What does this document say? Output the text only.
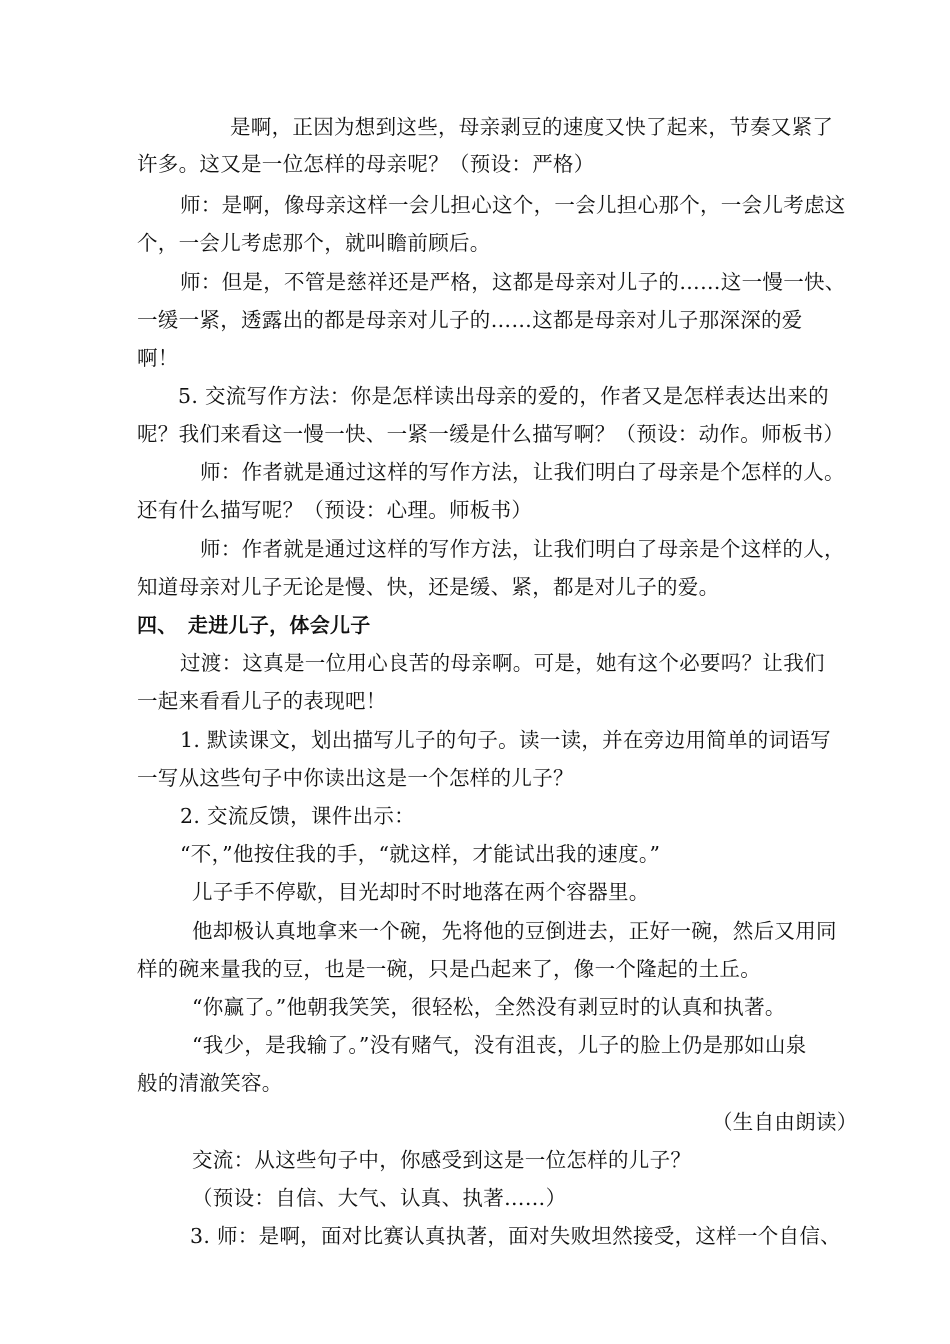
是啊，正因为想到这些，母亲剥豆的速度又快了起来，节奏又紧了
许多。这又是一位怎样的母亲呢？（预设：严格）
师：是啊，像母亲这样一会儿担心这个，一会儿担心那个，一会儿考虑这
个，一会儿考虑那个，就叫瞻前顾后。
师：但是，不管是慈祥还是严格，这都是母亲对儿子的……这一慢一快、
一缓一紧，透露出的都是母亲对儿子的……这都是母亲对儿子那深深的爱
啊！
5. 交流写作方法：你是怎样读出母亲的爱的，作者又是怎样表达出来的
呢？我们来看这一慢一快、一紧一缓是什么描写啊？（预设：动作。师板书）
师：作者就是通过这样的写作方法，让我们明白了母亲是个怎样的人。
还有什么描写呢？（预设：心理。师板书）
师：作者就是通过这样的写作方法，让我们明白了母亲是个这样的人，
知道母亲对儿子无论是慢、快，还是缓、紧，都是对儿子的爱。
四、　走进儿子，体会儿子
过渡：这真是一位用心良苦的母亲啊。可是，她有这个必要吗？让我们
一起来看看儿子的表现吧！
1. 默读课文，划出描写儿子的句子。读一读，并在旁边用简单的词语写
一写从这些句子中你读出这是一个怎样的儿子？
2. 交流反馈，课件出示：
“不，”他按住我的手，“就这样，才能试出我的速度。”
儿子手不停歇，目光却时不时地落在两个容器里。
他却极认真地拿来一个碗，先将他的豆倒进去，正好一碗，然后又用同
样的碗来量我的豆，也是一碗，只是凸起来了，像一个隆起的土丘。
“你赢了。”他朝我笑笑，很轻松，全然没有剥豆时的认真和执著。
“我少，是我输了。”没有赌气，没有沮丧，儿子的脸上仍是那如山泉
般的清澈笑容。
（生自由朗读）
交流：从这些句子中，你感受到这是一位怎样的儿子？
（预设：自信、大气、认真、执著……）
3. 师：是啊，面对比赛认真执著，面对失败坦然接受，这样一个自信、
